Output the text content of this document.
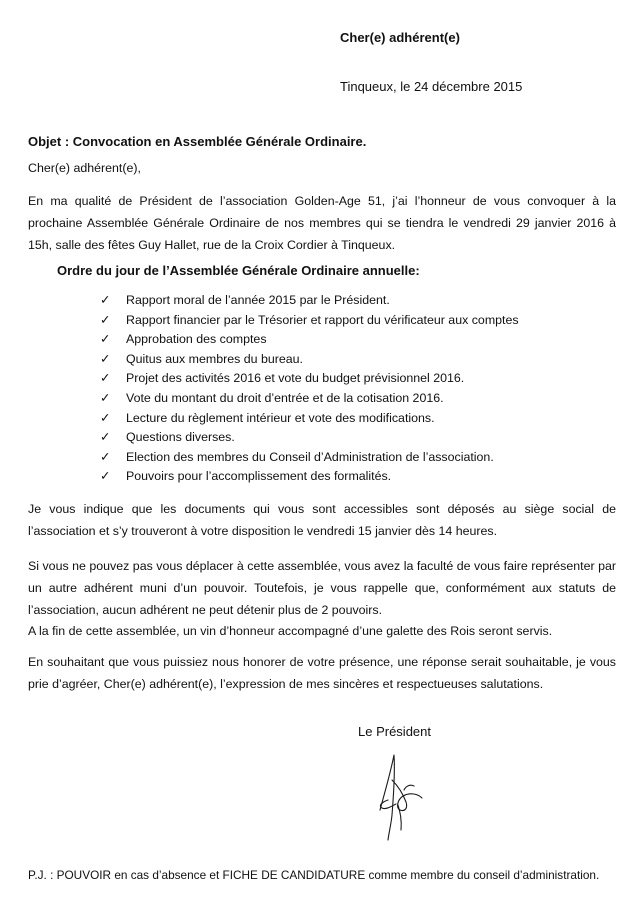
Cher(e) adhérent(e)
Tinqueux, le 24 décembre 2015
Objet : Convocation en Assemblée Générale Ordinaire.
Cher(e) adhérent(e),
En ma qualité de Président de l’association Golden-Age 51, j’ai l’honneur de vous convoquer à la prochaine Assemblée Générale Ordinaire de nos membres qui se tiendra le vendredi 29 janvier 2016 à 15h, salle des fêtes Guy Hallet, rue de la Croix Cordier à Tinqueux.
Ordre du jour de l’Assemblée Générale Ordinaire annuelle:
✓ Rapport moral de l’année 2015 par le Président.
✓ Rapport financier par le Trésorier et rapport du vérificateur aux comptes
✓ Approbation des comptes
✓ Quitus aux membres du bureau.
✓ Projet des activités 2016 et vote du budget prévisionnel 2016.
✓ Vote du montant du droit d’entrée et de la cotisation 2016.
✓ Lecture du règlement intérieur et vote des modifications.
✓ Questions diverses.
✓ Election des membres du Conseil d’Administration de l’association.
✓ Pouvoirs pour l’accomplissement des formalités.
Je vous indique que les documents qui vous sont accessibles sont déposés au siège social de l’association et s’y trouveront à votre disposition le vendredi 15 janvier dès 14 heures.
Si vous ne pouvez pas vous déplacer à cette assemblée, vous avez la faculté de vous faire représenter par un autre adhérent muni d’un pouvoir. Toutefois, je vous rappelle que, conformément aux statuts de l’association, aucun adhérent ne peut détenir plus de 2 pouvoirs.
A la fin de cette assemblée, un vin d’honneur accompagné d’une galette des Rois seront servis.
En souhaitant que vous puissiez nous honorer de votre présence, une réponse serait souhaitable, je vous prie d’agréer, Cher(e) adhérent(e), l’expression de mes sincères et respectueuses salutations.
Le Président
P.J. : POUVOIR en cas d’absence et FICHE DE CANDIDATURE comme membre du conseil d’administration.
